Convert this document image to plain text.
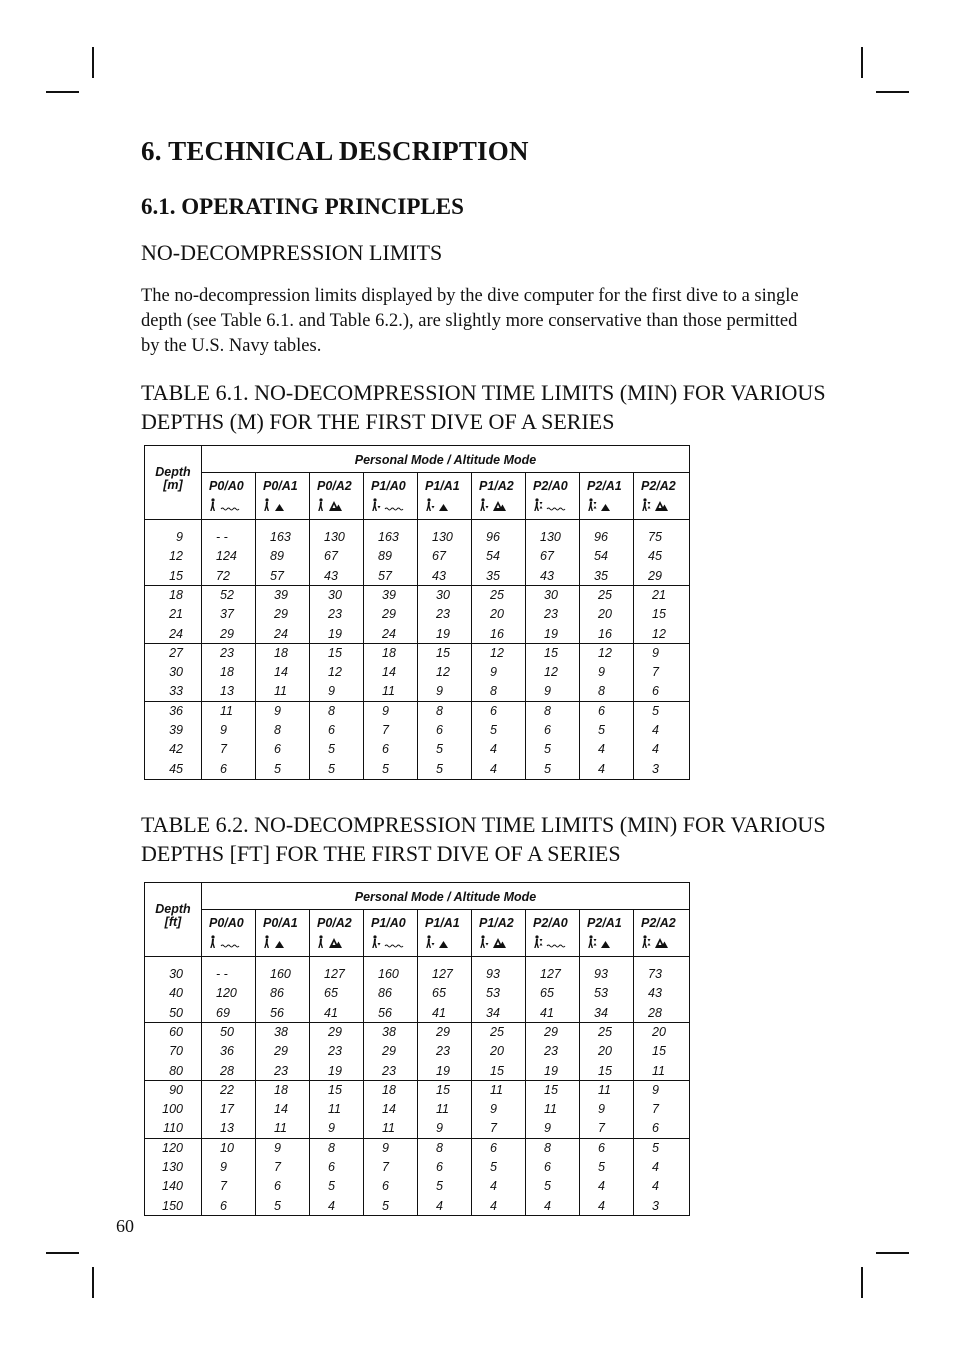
6. TECHNICAL DESCRIPTION
6.1. OPERATING PRINCIPLES
NO-DECOMPRESSION LIMITS

The no-decompression limits displayed by the dive computer for the first dive to a single depth (see Table 6.1. and Table 6.2.), are slightly more conservative than those permitted by the U.S. Navy tables.

TABLE 6.1. NO-DECOMPRESSION TIME LIMITS (MIN) FOR VARIOUS DEPTHS (M) FOR THE FIRST DIVE OF A SERIES
Depth
[m]
Personal Mode / Altitude Mode
P0/A0 P0/A1 P0/A2 P1/A0 P1/A1 P1/A2 P2/A0 P2/A1 P2/A2
9	- -	163	130	163	130	96	130	96	75
12	124	89	67	89	67	54	67	54	45
15	72	57	43	57	43	35	43	35	29
18	52	39	30	39	30	25	30	25	21
21	37	29	23	29	23	20	23	20	15
24	29	24	19	24	19	16	19	16	12
27	23	18	15	18	15	12	15	12	9
30	18	14	12	14	12	9	12	9	7
33	13	11	9	11	9	8	9	8	6
36	11	9	8	9	8	6	8	6	5
39	9	8	6	7	6	5	6	5	4
42	7	6	5	6	5	4	5	4	4
45	6	5	5	5	5	4	5	4	3
TABLE 6.2. NO-DECOMPRESSION TIME LIMITS (MIN) FOR VARIOUS DEPTHS [FT] FOR THE FIRST DIVE OF A SERIES
Depth
[ft]
Personal Mode / Altitude Mode
P0/A0 P0/A1 P0/A2 P1/A0 P1/A1 P1/A2 P2/A0 P2/A1 P2/A2
30	- -	160	127	160	127	93	127	93	73
40	120	86	65	86	65	53	65	53	43
50	69	56	41	56	41	34	41	34	28
60	50	38	29	38	29	25	29	25	20
70	36	29	23	29	23	20	23	20	15
80	28	23	19	23	19	15	19	15	11
90	22	18	15	18	15	11	15	11	9
100	17	14	11	14	11	9	11	9	7
110	13	11	9	11	9	7	9	7	6
120	10	9	8	9	8	6	8	6	5
130	9	7	6	7	6	5	6	5	4
140	7	6	5	6	5	4	5	4	4
150	6	5	4	5	4	4	4	4	3
60
